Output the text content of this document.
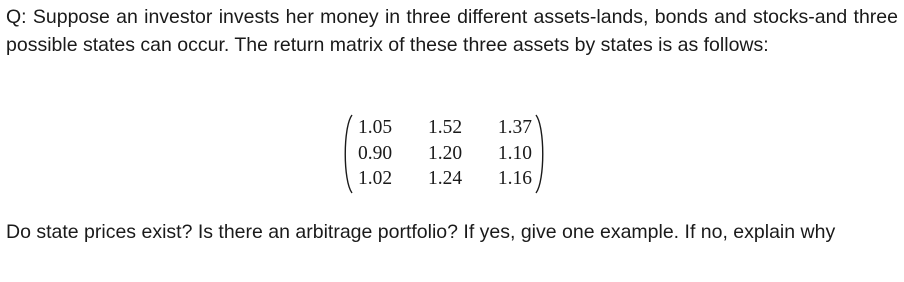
Q: Suppose an investor invests her money in three different assets-lands, bonds and stocks-and three possible states can occur. The return matrix of these three assets by states is as follows:

1.05 1.52 1.37
0.90 1.20 1.10
1.02 1.24 1.16

Do state prices exist? Is there an arbitrage portfolio? If yes, give one example. If no, explain why
